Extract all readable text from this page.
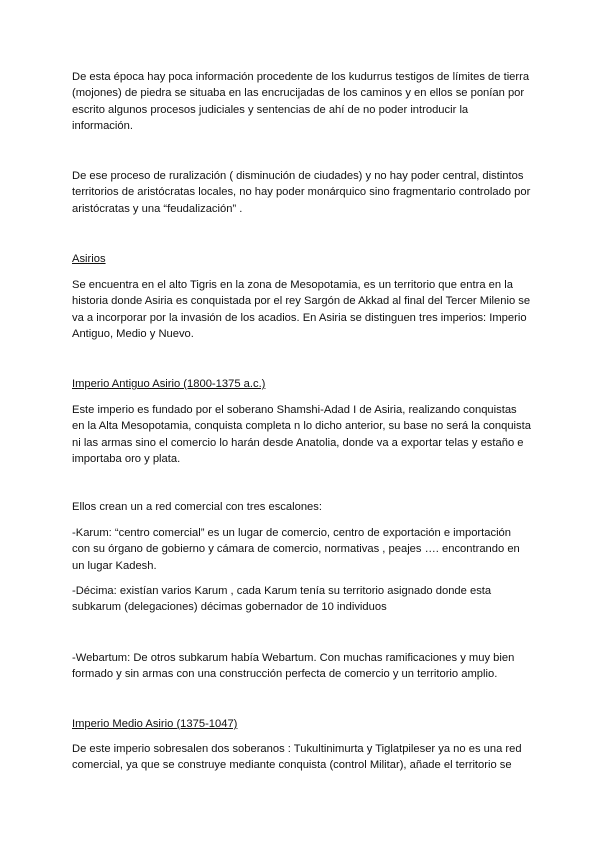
De esta época hay poca información procedente de los kudurrus testigos de límites de tierra (mojones) de piedra se situaba en las encrucijadas de los caminos y en ellos se ponían por escrito algunos procesos judiciales y sentencias de ahí de no poder introducir la información.

De ese proceso de ruralización ( disminución de ciudades) y no hay poder central, distintos territorios de aristócratas locales, no hay poder monárquico sino fragmentario controlado por aristócratas y una “feudalización” .

Asirios

Se encuentra en el alto Tigris en la zona de Mesopotamia, es un territorio que entra en la historia donde Asiria es conquistada por el rey Sargón de Akkad al final del Tercer Milenio se va a incorporar por la invasión de los acadios. En Asiria se distinguen tres imperios: Imperio Antiguo, Medio y Nuevo.

Imperio Antiguo Asirio (1800-1375 a.c.)

Este imperio es fundado por el soberano Shamshi-Adad I de Asiria, realizando conquistas en la Alta Mesopotamia, conquista completa n lo dicho anterior, su base no será la conquista ni las armas sino el comercio lo harán desde Anatolia, donde va a exportar telas y estaño e importaba oro y plata.

Ellos crean un a red comercial con tres escalones:

-Karum: “centro comercial” es un lugar de comercio, centro de exportación e importación con su órgano de gobierno y cámara de comercio, normativas , peajes …. encontrando en un lugar Kadesh.

-Décima: existían varios Karum , cada Karum tenía su territorio asignado donde esta subkarum (delegaciones) décimas gobernador de 10 individuos

-Webartum: De otros subkarum había Webartum. Con muchas ramificaciones y muy bien formado y sin armas con una construcción perfecta de comercio y un territorio amplio.

Imperio Medio Asirio (1375-1047)

De este imperio sobresalen dos soberanos : Tukultinimurta y Tiglatpileser ya no es una red comercial, ya que se construye mediante conquista (control Militar), añade el territorio se
